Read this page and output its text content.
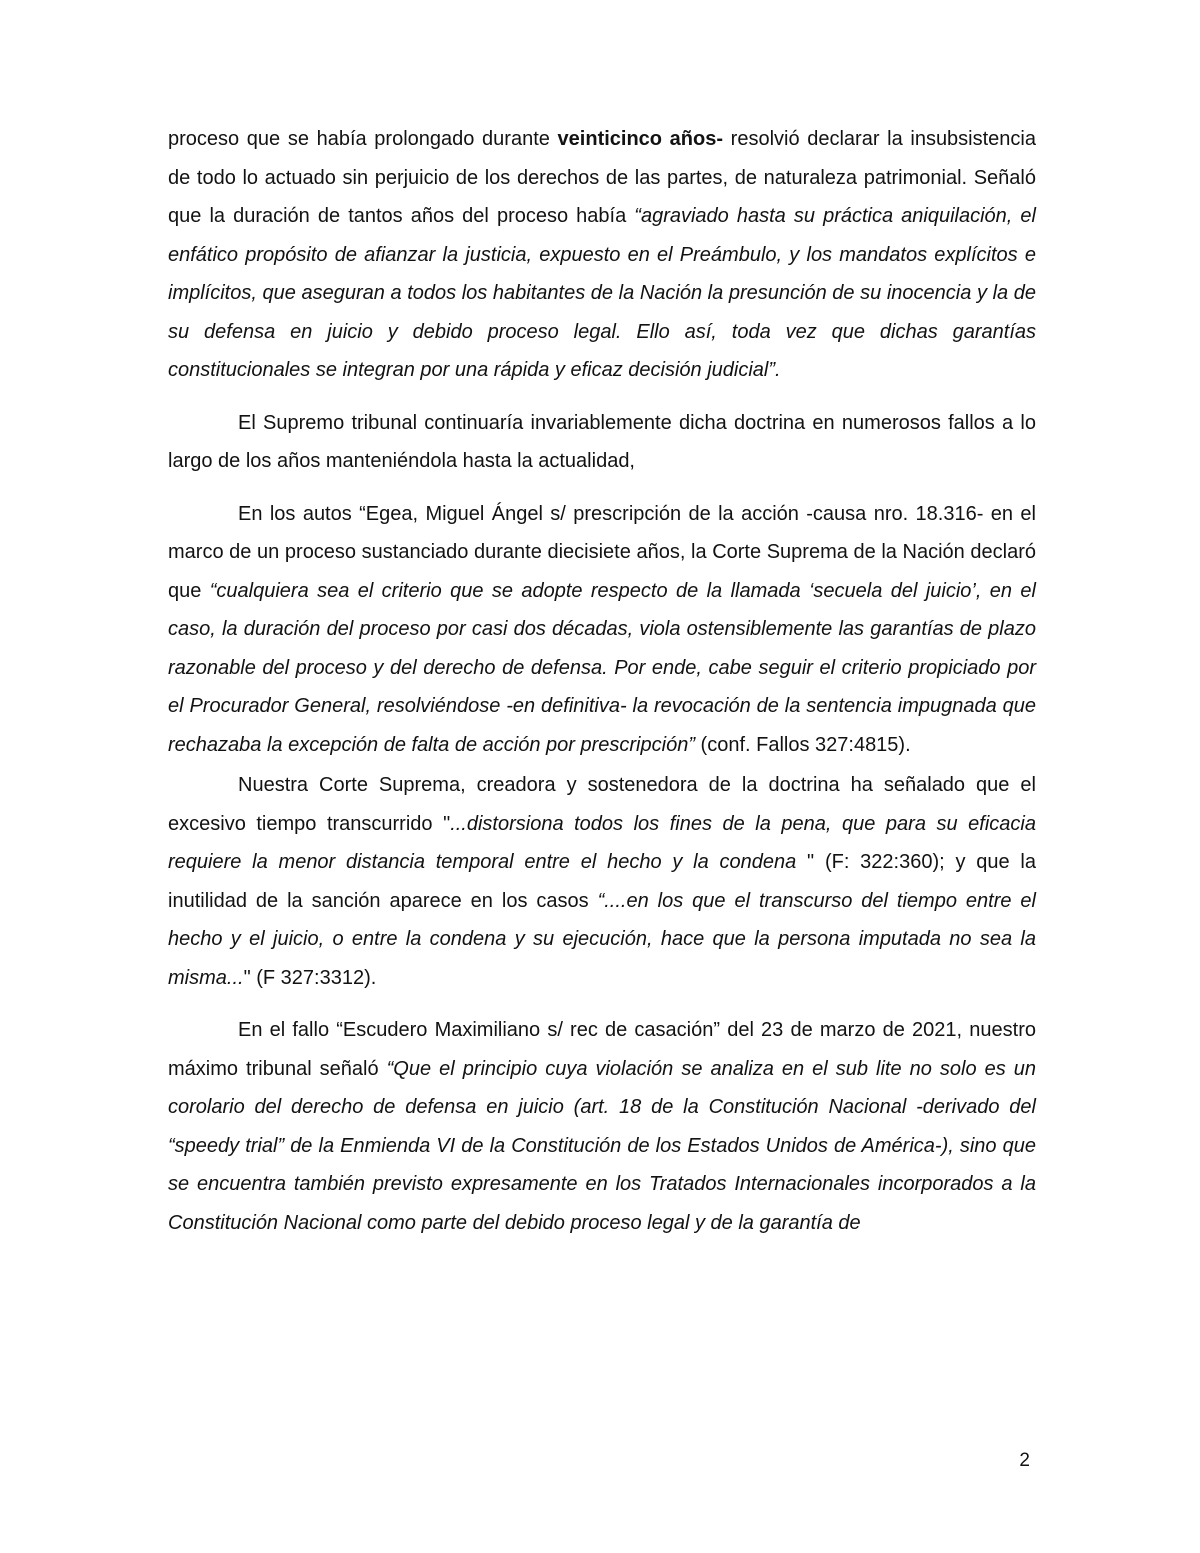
proceso que se había prolongado durante veinticinco años- resolvió declarar la insubsistencia de todo lo actuado sin perjuicio de los derechos de las partes, de naturaleza patrimonial. Señaló que la duración de tantos años del proceso había “agraviado hasta su práctica aniquilación, el enfático propósito de afianzar la justicia, expuesto en el Preámbulo, y los mandatos explícitos e implícitos, que aseguran a todos los habitantes de la Nación la presunción de su inocencia y la de su defensa en juicio y debido proceso legal. Ello así, toda vez que dichas garantías constitucionales se integran por una rápida y eficaz decisión judicial”.

El Supremo tribunal continuaría invariablemente dicha doctrina en numerosos fallos a lo largo de los años manteniéndola hasta la actualidad,

En los autos “Egea, Miguel Ángel s/ prescripción de la acción -causa nro. 18.316- en el marco de un proceso sustanciado durante diecisiete años, la Corte Suprema de la Nación declaró que “cualquiera sea el criterio que se adopte respecto de la llamada ‘secuela del juicio’, en el caso, la duración del proceso por casi dos décadas, viola ostensiblemente las garantías de plazo razonable del proceso y del derecho de defensa. Por ende, cabe seguir el criterio propiciado por el Procurador General, resolviéndose -en definitiva- la revocación de la sentencia impugnada que rechazaba la excepción de falta de acción por prescripción” (conf. Fallos 327:4815).

Nuestra Corte Suprema, creadora y sostenedora de la doctrina ha señalado que el excesivo tiempo transcurrido "...distorsiona todos los fines de la pena, que para su eficacia requiere la menor distancia temporal entre el hecho y la condena " (F: 322:360); y que la inutilidad de la sanción aparece en los casos “....en los que el transcurso del tiempo entre el hecho y el juicio, o entre la condena y su ejecución, hace que la persona imputada no sea la misma..." (F 327:3312).

En el fallo “Escudero Maximiliano s/ rec de casación” del 23 de marzo de 2021, nuestro máximo tribunal señaló “Que el principio cuya violación se analiza en el sub lite no solo es un corolario del derecho de defensa en juicio (art. 18 de la Constitución Nacional -derivado del “speedy trial” de la Enmienda VI de la Constitución de los Estados Unidos de América-), sino que se encuentra también previsto expresamente en los Tratados Internacionales incorporados a la Constitución Nacional como parte del debido proceso legal y de la garantía de

2
